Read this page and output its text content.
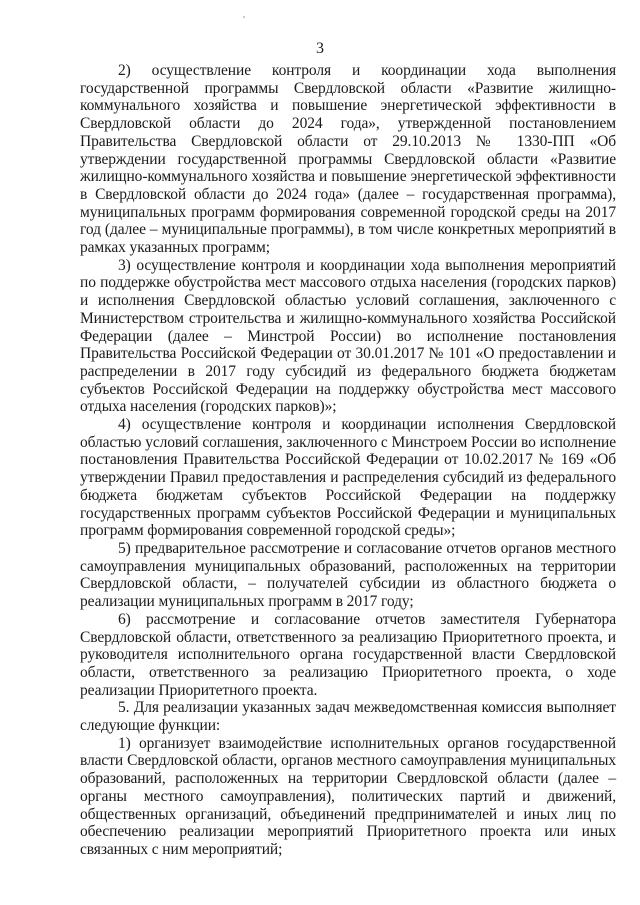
3

2) осуществление контроля и координации хода выполнения государственной программы Свердловской области «Развитие жилищно-коммунального хозяйства и повышение энергетической эффективности в Свердловской области до 2024 года», утвержденной постановлением Правительства Свердловской области от 29.10.2013 № 1330-ПП «Об утверждении государственной программы Свердловской области «Развитие жилищно-коммунального хозяйства и повышение энергетической эффективности в Свердловской области до 2024 года» (далее – государственная программа), муниципальных программ формирования современной городской среды на 2017 год (далее – муниципальные программы), в том числе конкретных мероприятий в рамках указанных программ;

3) осуществление контроля и координации хода выполнения мероприятий по поддержке обустройства мест массового отдыха населения (городских парков) и исполнения Свердловской областью условий соглашения, заключенного с Министерством строительства и жилищно-коммунального хозяйства Российской Федерации (далее – Минстрой России) во исполнение постановления Правительства Российской Федерации от 30.01.2017 № 101 «О предоставлении и распределении в 2017 году субсидий из федерального бюджета бюджетам субъектов Российской Федерации на поддержку обустройства мест массового отдыха населения (городских парков)»;

4) осуществление контроля и координации исполнения Свердловской областью условий соглашения, заключенного с Минстроем России во исполнение постановления Правительства Российской Федерации от 10.02.2017 № 169 «Об утверждении Правил предоставления и распределения субсидий из федерального бюджета бюджетам субъектов Российской Федерации на поддержку государственных программ субъектов Российской Федерации и муниципальных программ формирования современной городской среды»;

5) предварительное рассмотрение и согласование отчетов органов местного самоуправления муниципальных образований, расположенных на территории Свердловской области, – получателей субсидии из областного бюджета о реализации муниципальных программ в 2017 году;

6) рассмотрение и согласование отчетов заместителя Губернатора Свердловской области, ответственного за реализацию Приоритетного проекта, и руководителя исполнительного органа государственной власти Свердловской области, ответственного за реализацию Приоритетного проекта, о ходе реализации Приоритетного проекта.

5. Для реализации указанных задач межведомственная комиссия выполняет следующие функции:

1) организует взаимодействие исполнительных органов государственной власти Свердловской области, органов местного самоуправления муниципальных образований, расположенных на территории Свердловской области (далее – органы местного самоуправления), политических партий и движений, общественных организаций, объединений предпринимателей и иных лиц по обеспечению реализации мероприятий Приоритетного проекта или иных связанных с ним мероприятий;
